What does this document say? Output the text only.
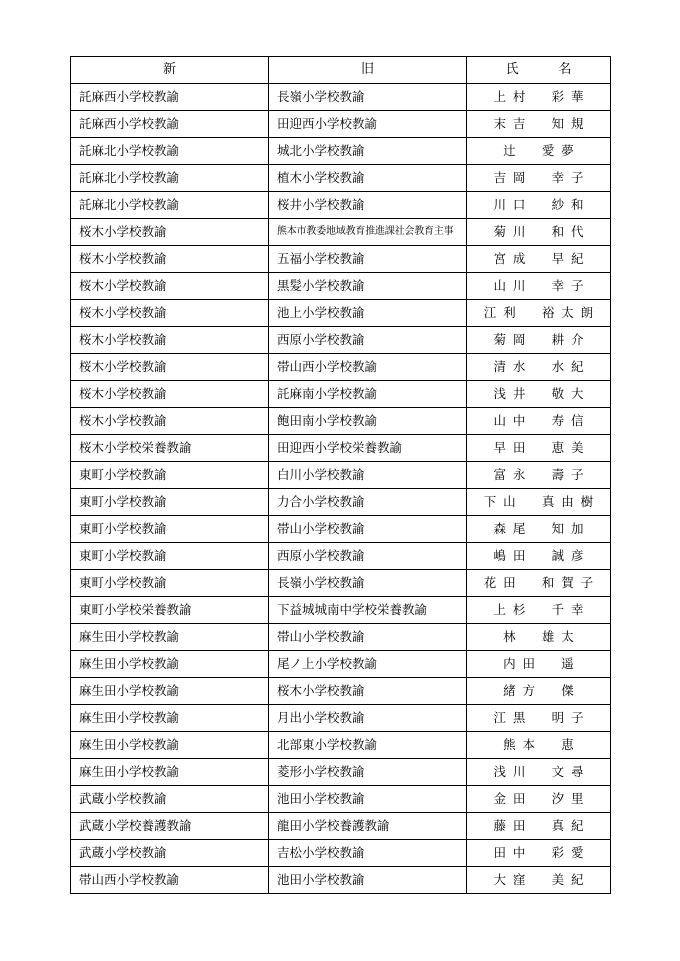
新	旧	氏　　名
託麻西小学校教諭	長嶺小学校教諭	上村　彩華
託麻西小学校教諭	田迎西小学校教諭	末吉　知規
託麻北小学校教諭	城北小学校教諭	辻　愛夢
託麻北小学校教諭	植木小学校教諭	吉岡　幸子
託麻北小学校教諭	桜井小学校教諭	川口　紗和
桜木小学校教諭	熊本市教委地域教育推進課社会教育主事	菊川　和代
桜木小学校教諭	五福小学校教諭	宮成　早紀
桜木小学校教諭	黒髪小学校教諭	山川　幸子
桜木小学校教諭	池上小学校教諭	江利　裕太朗
桜木小学校教諭	西原小学校教諭	菊岡　耕介
桜木小学校教諭	帯山西小学校教諭	清水　水紀
桜木小学校教諭	託麻南小学校教諭	浅井　敬大
桜木小学校教諭	飽田南小学校教諭	山中　寿信
桜木小学校栄養教諭	田迎西小学校栄養教諭	早田　恵美
東町小学校教諭	白川小学校教諭	富永　壽子
東町小学校教諭	力合小学校教諭	下山　真由樹
東町小学校教諭	帯山小学校教諭	森尾　知加
東町小学校教諭	西原小学校教諭	嶋田　誠彦
東町小学校教諭	長嶺小学校教諭	花田　和賀子
東町小学校栄養教諭	下益城城南中学校栄養教諭	上杉　千幸
麻生田小学校教諭	帯山小学校教諭	林　雄太
麻生田小学校教諭	尾ノ上小学校教諭	内田　遥
麻生田小学校教諭	桜木小学校教諭	緒方　傑
麻生田小学校教諭	月出小学校教諭	江黒　明子
麻生田小学校教諭	北部東小学校教諭	熊本　恵
麻生田小学校教諭	菱形小学校教諭	浅川　文尋
武蔵小学校教諭	池田小学校教諭	金田　汐里
武蔵小学校養護教諭	龍田小学校養護教諭	藤田　真紀
武蔵小学校教諭	吉松小学校教諭	田中　彩愛
帯山西小学校教諭	池田小学校教諭	大窪　美紀
